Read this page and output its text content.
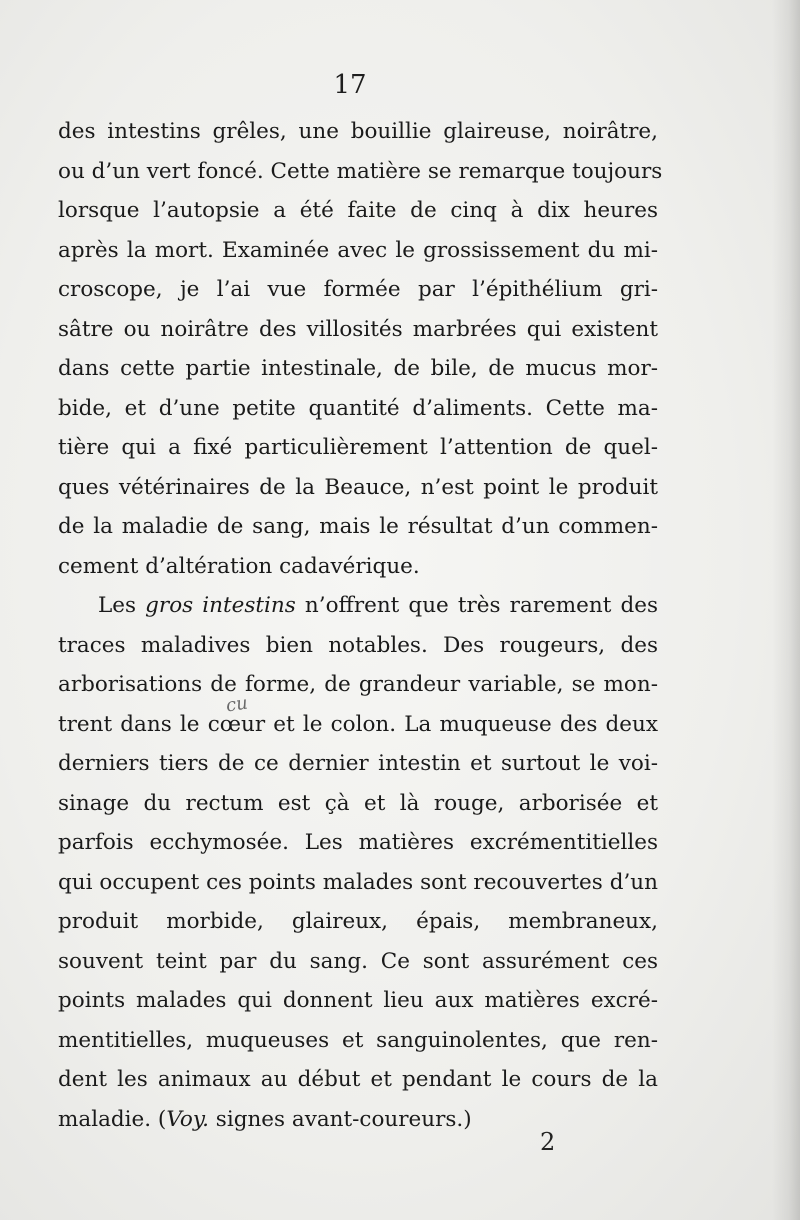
17
des intestins grêles, une bouillie glaireuse, noirâtre,
ou d’un vert foncé. Cette matière se remarque toujours
lorsque l’autopsie a été faite de cinq à dix heures
après la mort. Examinée avec le grossissement du mi-
croscope, je l’ai vue formée par l’épithélium gri-
sâtre ou noirâtre des villosités marbrées qui existent
dans cette partie intestinale, de bile, de mucus mor-
bide, et d’une petite quantité d’aliments. Cette ma-
tière qui a fixé particulièrement l’attention de quel-
ques vétérinaires de la Beauce, n’est point le produit
de la maladie de sang, mais le résultat d’un commen-
cement d’altération cadavérique.
Les gros intestins n’offrent que très rarement des
traces maladives bien notables. Des rougeurs, des
arborisations de forme, de grandeur variable, se mon-
trent dans le cœur et le colon. La muqueuse des deux
derniers tiers de ce dernier intestin et surtout le voi-
sinage du rectum est çà et là rouge, arborisée et
parfois ecchymosée. Les matières excrémentitielles
qui occupent ces points malades sont recouvertes d’un
produit morbide, glaireux, épais, membraneux,
souvent teint par du sang. Ce sont assurément ces
points malades qui donnent lieu aux matières excré-
mentitielles, muqueuses et sanguinolentes, que ren-
dent les animaux au début et pendant le cours de la
maladie. (Voy. signes avant-coureurs.)
cu
2
